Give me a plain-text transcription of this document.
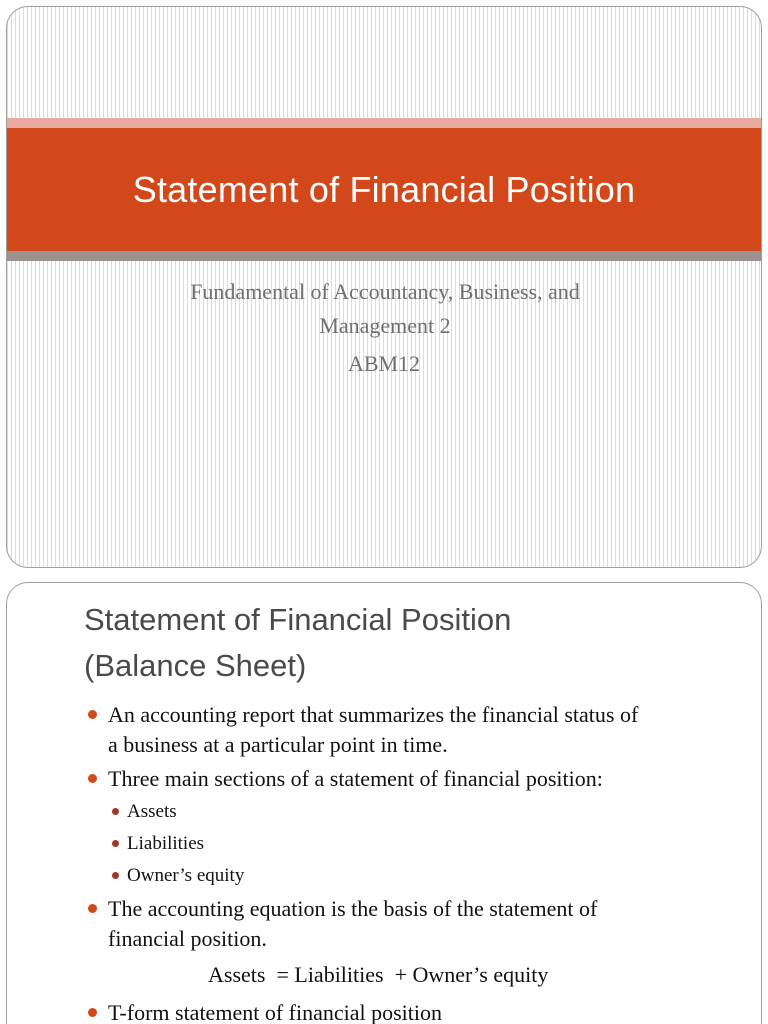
Statement of Financial Position
Fundamental of Accountancy, Business, and
Management 2
ABM12
Statement of Financial Position
(Balance Sheet)
An accounting report that summarizes the financial status of
a business at a particular point in time.
Three main sections of a statement of financial position:
Assets
Liabilities
Owner’s equity
The accounting equation is the basis of the statement of
financial position.
Assets = Liabilities + Owner’s equity
T-form statement of financial position
